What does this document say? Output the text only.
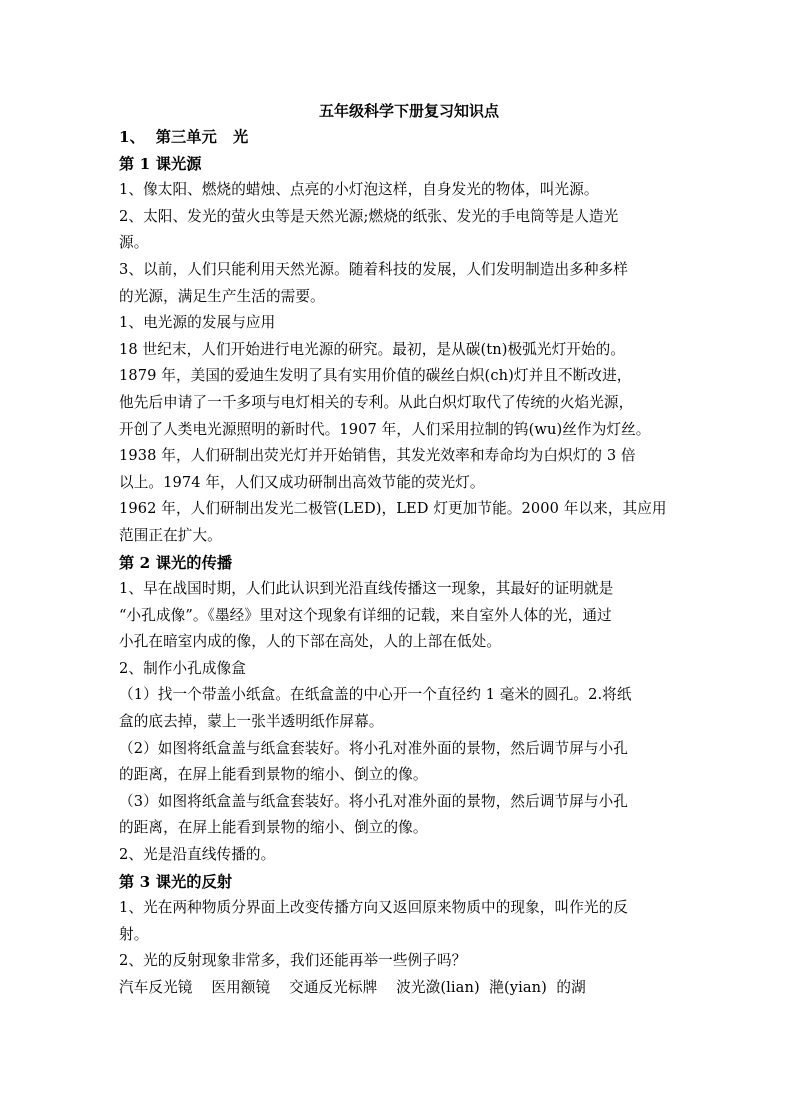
五年级科学下册复习知识点
1、  第三单元   光
第 1 课光源
1、像太阳、燃烧的蜡烛、点亮的小灯泡这样，自身发光的物体，叫光源。
2、太阳、发光的萤火虫等是天然光源;燃烧的纸张、发光的手电筒等是人造光
源。
3、以前，人们只能利用天然光源。随着科技的发展，人们发明制造出多种多样
的光源，满足生产生活的需要。
1、电光源的发展与应用
18 世纪末，人们开始进行电光源的研究。最初，是从碳(tn)极弧光灯开始的。
1879 年，美国的爱迪生发明了具有实用价值的碳丝白炽(ch)灯并且不断改进，
他先后申请了一千多项与电灯相关的专利。从此白炽灯取代了传统的火焰光源，
开创了人类电光源照明的新时代。1907 年，人们采用拉制的钨(wu)丝作为灯丝。
1938 年，人们研制出荧光灯并开始销售，其发光效率和寿命均为白炽灯的 3 倍
以上。1974 年，人们又成功研制出高效节能的荧光灯。
1962 年，人们研制出发光二极管(LED)，LED 灯更加节能。2000 年以来，其应用
范围正在扩大。
第 2 课光的传播
1、早在战国时期，人们此认识到光沿直线传播这一现象，其最好的证明就是
“小孔成像”。《墨经》里对这个现象有详细的记载，来自室外人体的光，通过
小孔在暗室内成的像，人的下部在高处，人的上部在低处。
2、制作小孔成像盒
（1）找一个带盖小纸盒。在纸盒盖的中心开一个直径约 1 毫米的圆孔。2.将纸
盒的底去掉，蒙上一张半透明纸作屏幕。
（2）如图将纸盒盖与纸盒套装好。将小孔对准外面的景物，然后调节屏与小孔
的距离，在屏上能看到景物的缩小、倒立的像。
（3）如图将纸盒盖与纸盒套装好。将小孔对准外面的景物，然后调节屏与小孔
的距离，在屏上能看到景物的缩小、倒立的像。
2、光是沿直线传播的。
第 3 课光的反射
1、光在两种物质分界面上改变传播方向又返回原来物质中的现象，叫作光的反
射。
2、光的反射现象非常多，我们还能再举一些例子吗？
汽车反光镜    医用额镜    交通反光标牌    波光潋(lian)  滟(yian)  的湖
